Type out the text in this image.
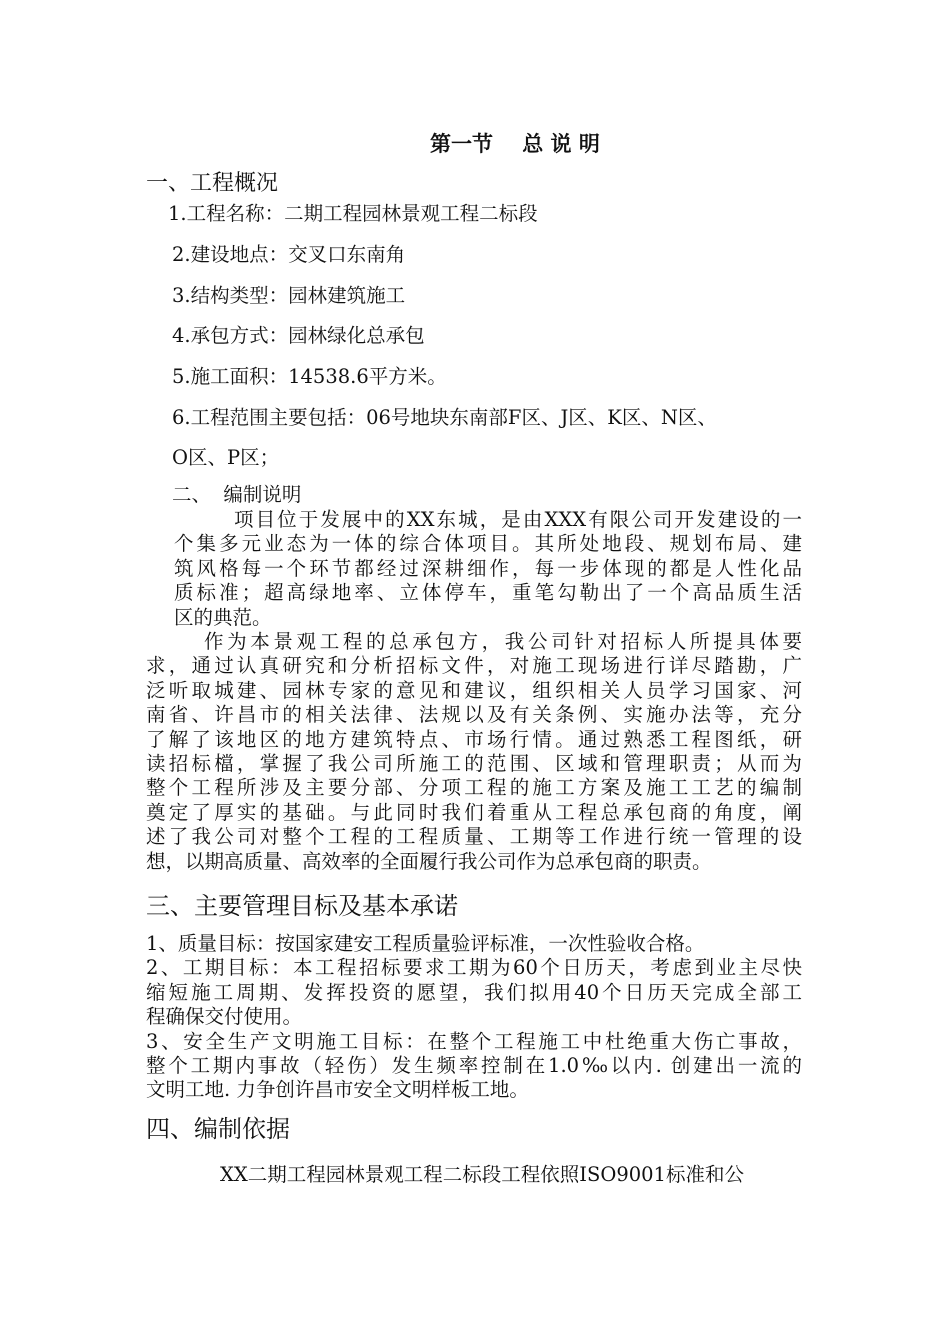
第一节    总 说 明
一、工程概况
1.工程名称：二期工程园林景观工程二标段
2.建设地点：交叉口东南角
3.结构类型：园林建筑施工
4.承包方式：园林绿化总承包
5.施工面积：14538.6平方米。
6.工程范围主要包括：06号地块东南部F区、J区、K区、N区、
O区、P区；
二、  编制说明
项目位于发展中的XX东城，是由XXX有限公司开发建设的一
个集多元业态为一体的综合体项目。其所处地段、规划布局、建
筑风格每一个环节都经过深耕细作，每一步体现的都是人性化品
质标准；超高绿地率、立体停车，重笔勾勒出了一个高品质生活
区的典范。
作为本景观工程的总承包方，我公司针对招标人所提具体要
求，通过认真研究和分析招标文件，对施工现场进行详尽踏勘，广
泛听取城建、园林专家的意见和建议，组织相关人员学习国家、河
南省、许昌市的相关法律、法规以及有关条例、实施办法等，充分
了解了该地区的地方建筑特点、市场行情。通过熟悉工程图纸，研
读招标檔，掌握了我公司所施工的范围、区域和管理职责；从而为
整个工程所涉及主要分部、分项工程的施工方案及施工工艺的编制
奠定了厚实的基础。与此同时我们着重从工程总承包商的角度，阐
述了我公司对整个工程的工程质量、工期等工作进行统一管理的设
想，以期高质量、高效率的全面履行我公司作为总承包商的职责。
三、主要管理目标及基本承诺
1、质量目标：按国家建安工程质量验评标准，一次性验收合格。
2、工期目标：本工程招标要求工期为60个日历天，考虑到业主尽快
缩短施工周期、发挥投资的愿望，我们拟用40个日历天完成全部工
程确保交付使用。
3、安全生产文明施工目标：在整个工程施工中杜绝重大伤亡事故，
整个工期内事故（轻伤）发生频率控制在1.0‰以内. 创建出一流的
文明工地. 力争创许昌市安全文明样板工地。
四、编制依据
XX二期工程园林景观工程二标段工程依照ISO9001标准和公
